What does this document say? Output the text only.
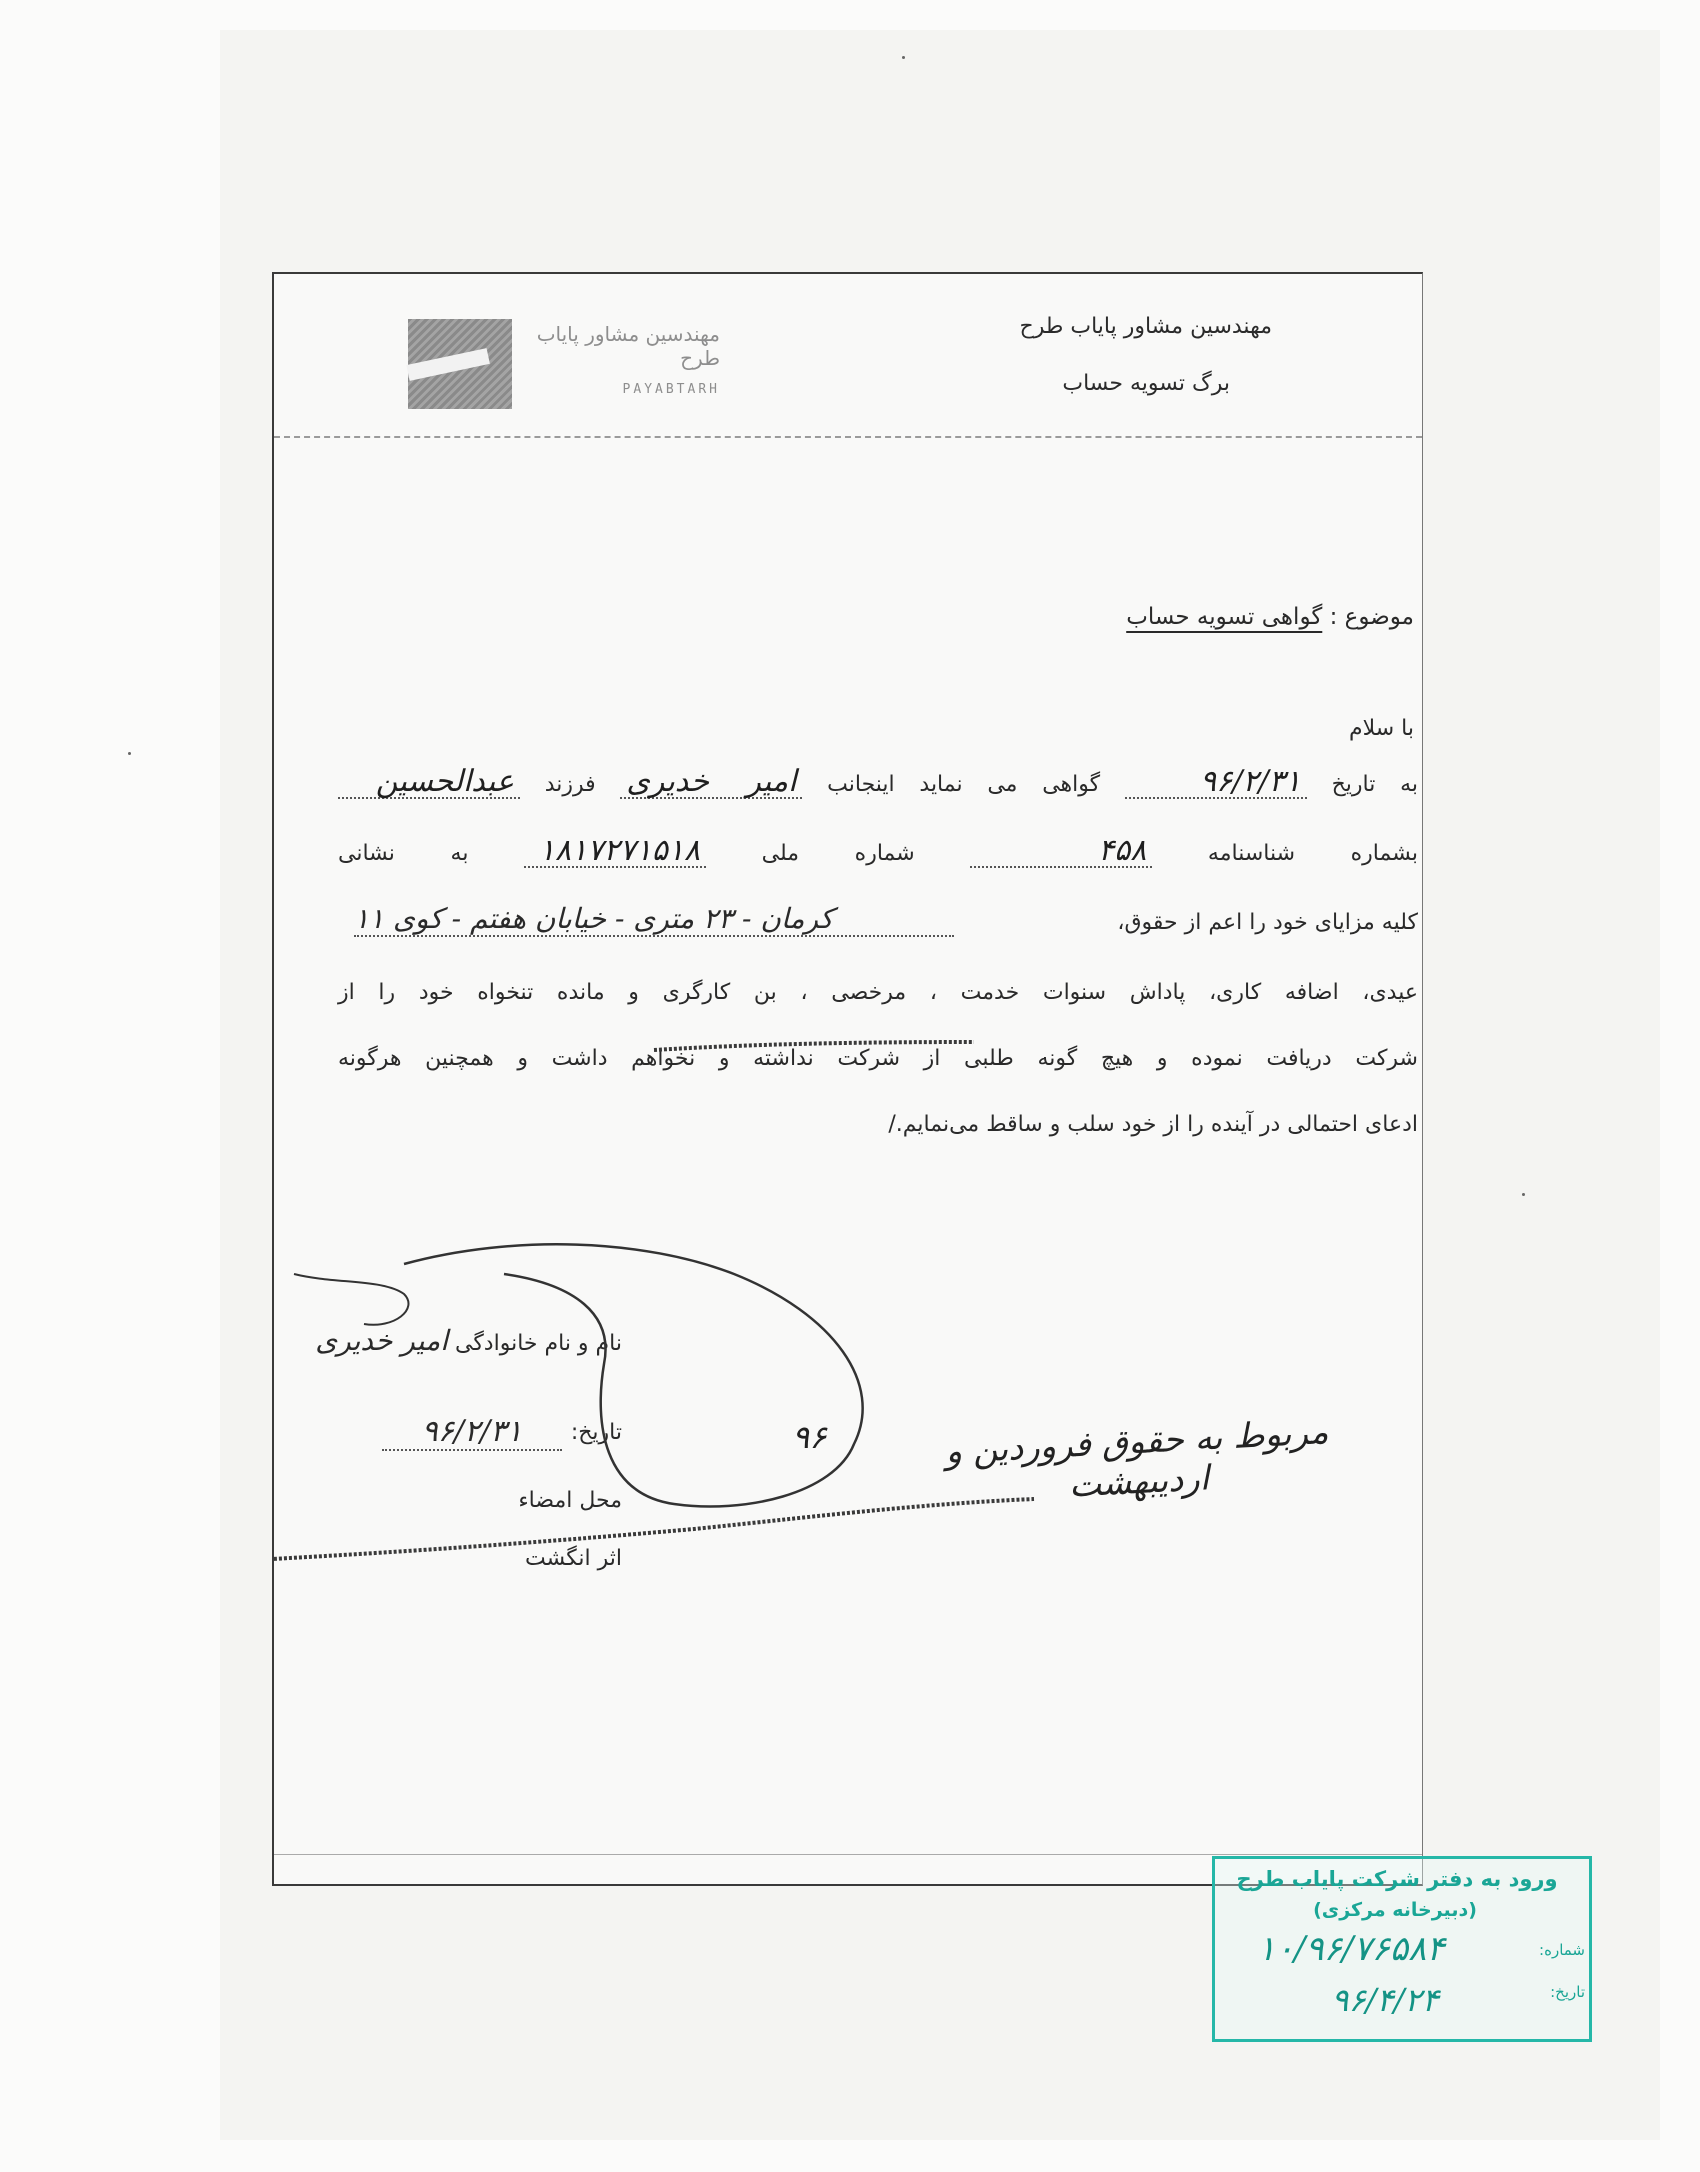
مهندسین مشاور پایاب طرح
PAYABTARH
مهندسین مشاور پایاب طرح
برگ تسویه حساب
موضوع : گواهی تسویه حساب
با سلام
به تاریخ ۹۶/۲/۳۱ گواهی می نماید اینجانب امیر خدیری فرزند عبدالحسین
بشماره شناسنامه ۴۵۸ شماره ملی ۱۸۱۷۲۷۱۵۱۸ به نشانی
کرمان - ۲۳ متری - خیابان هفتم - کوی ۱۱	کلیه مزایای خود را اعم از حقوق،
عیدی، اضافه کاری، پاداش سنوات خدمت ، مرخصی ، بن کارگری و مانده تنخواه خود را از
شرکت دریافت نموده و هیچ گونه طلبی از شرکت نداشته و نخواهم داشت و همچنین هرگونه
ادعای احتمالی در آینده را از خود سلب و ساقط می‌نمایم./
نام و نام خانوادگی امیر خدیری
تاریخ:
۹۶/۲/۳۱
محل امضاء
اثر انگشت
۹۶	مربوط به حقوق فروردین و اردیبهشت
ورود به دفتر شرکت پایاب طرح
(دبیرخانه مرکزی)
شماره:
تاریخ:
۱۰/۹۶/۷۶۵۸۴
۹۶/۴/۲۴
